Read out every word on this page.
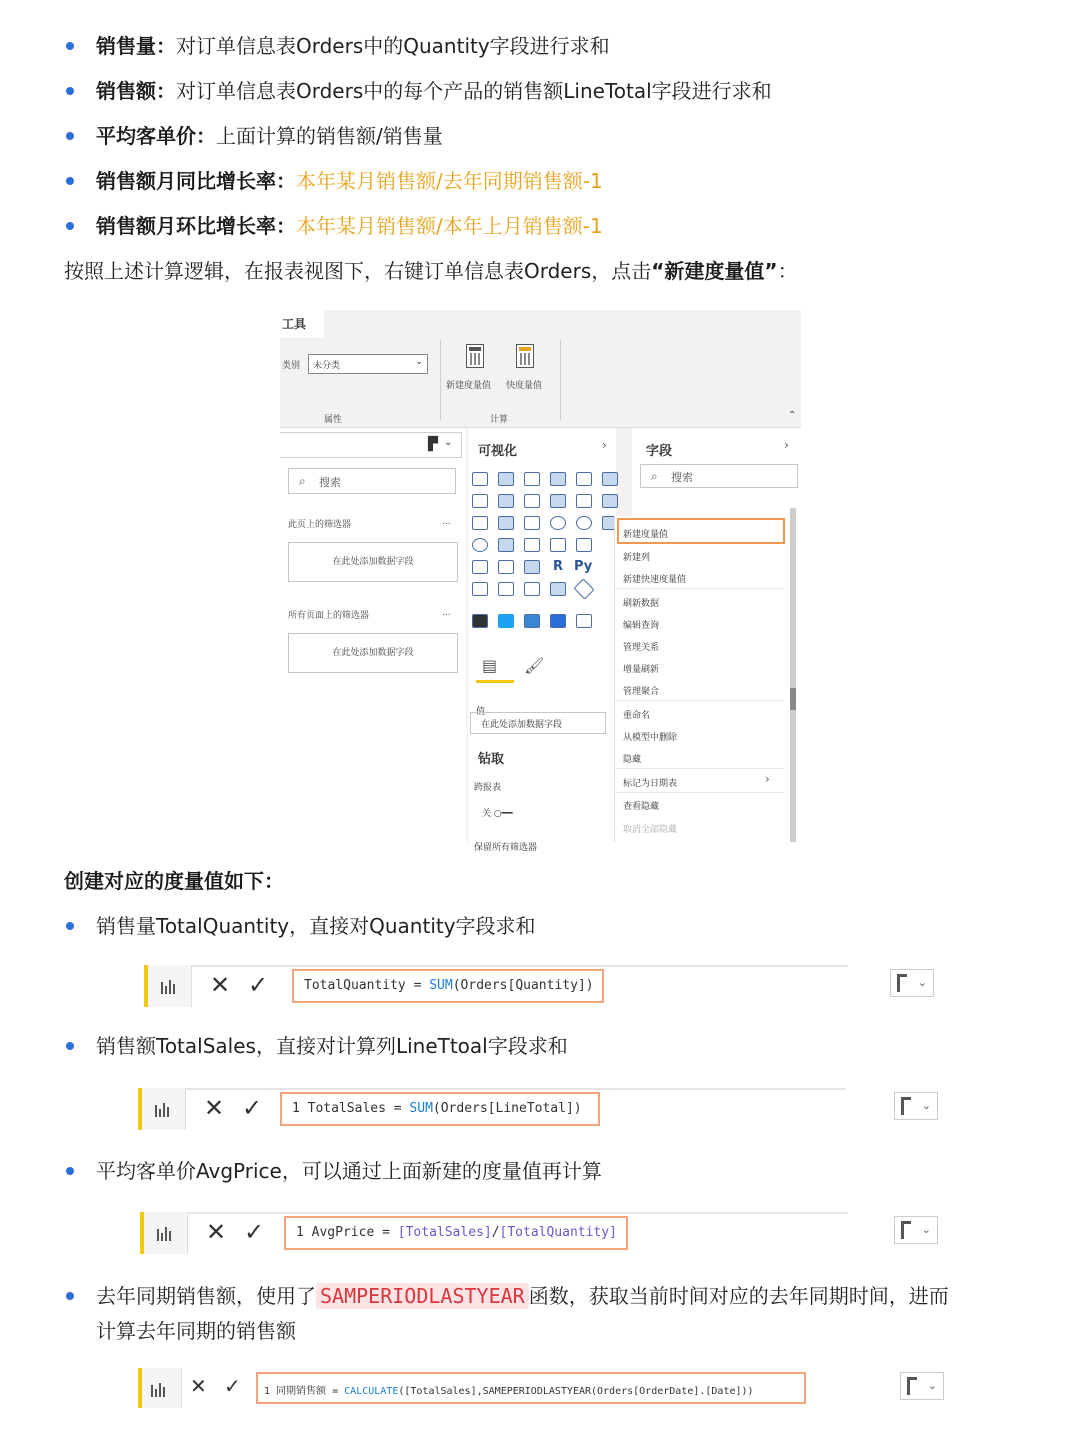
销售量：对订单信息表Orders中的Quantity字段进行求和
销售额：对订单信息表Orders中的每个产品的销售额LineTotal字段进行求和
平均客单价：上面计算的销售额/销售量
销售额月同比增长率：本年某月销售额/去年同期销售额-1
销售额月环比增长率：本年某月销售额/本年上月销售额-1
按照上述计算逻辑，在报表视图下，右键订单信息表Orders，点击“新建度量值”：
工具
类别	未分类	⌄
属性
新建度量值 快度量值
计算	⌃
▛ ⌄
⌕ 搜索
此页上的筛选器	...
在此处添加数据字段
所有页面上的筛选器	...
在此处添加数据字段
可视化	›
值
在此处添加数据字段
钻取
跨报表
关 ○━━
保留所有筛选器
▤ 🖌
R Py
字段	›
⌕ 搜索
新建度量值
新建列
新建快速度量值
刷新数据
编辑查询
管理关系
增量刷新
管理聚合
重命名
从模型中删除
隐藏
标记为日期表	›
查看隐藏
取消全部隐藏
创建对应的度量值如下：
销售量TotalQuantity，直接对Quantity字段求和
✕ ✓	TotalQuantity = SUM(Orders[Quantity])	⌄
销售额TotalSales，直接对计算列LineTtoal字段求和
✕ ✓	1 TotalSales = SUM(Orders[LineTotal])	⌄
平均客单价AvgPrice，可以通过上面新建的度量值再计算
✕ ✓	1 AvgPrice = [TotalSales]/[TotalQuantity]	⌄
去年同期销售额，使用了 SAMPERIODLASTYEAR 函数，获取当前时间对应的去年同期时间，进而
计算去年同期的销售额
✕ ✓	1 同期销售额 = CALCULATE([TotalSales],SAMEPERIODLASTYEAR(Orders[OrderDate].[Date]))	⌄
